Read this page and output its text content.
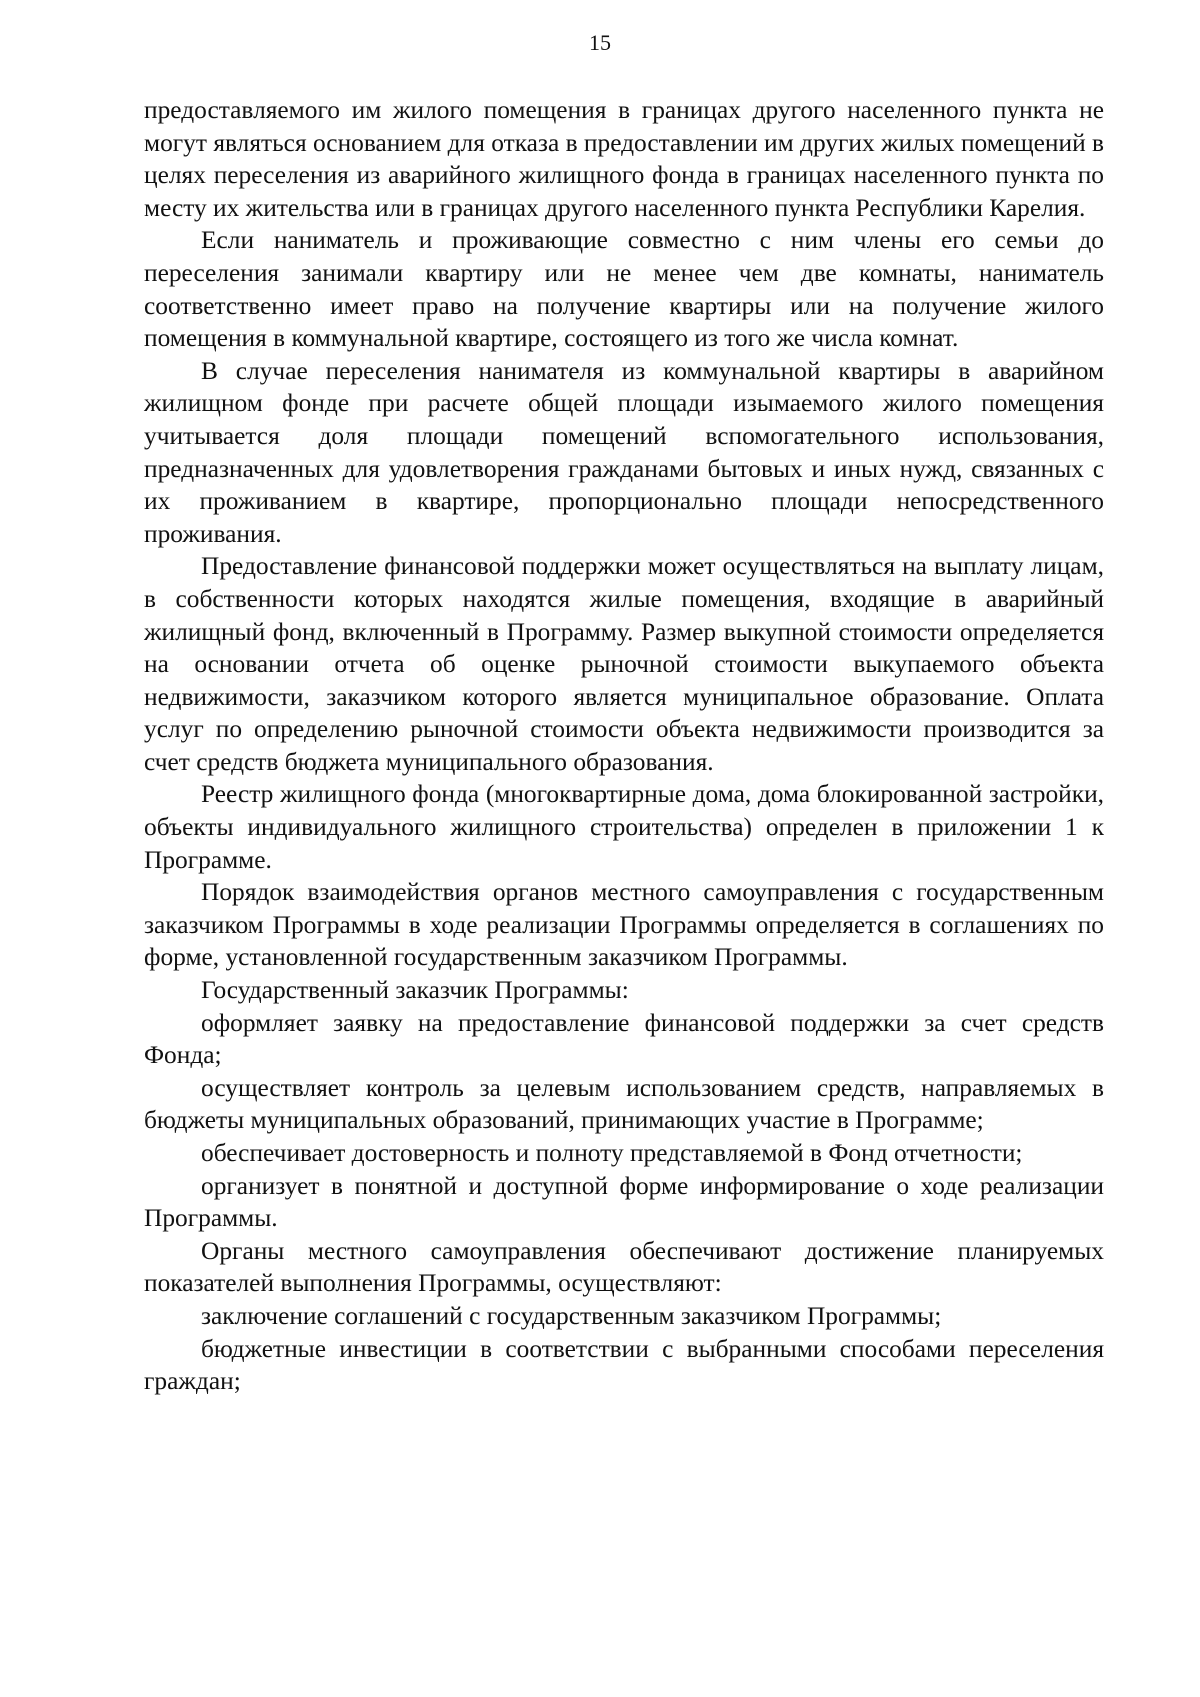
15

предоставляемого им жилого помещения в границах другого населенного пункта не могут являться основанием для отказа в предоставлении им других жилых помещений в целях переселения из аварийного жилищного фонда в границах населенного пункта по месту их жительства или в границах другого населенного пункта Республики Карелия.

Если наниматель и проживающие совместно с ним члены его семьи до переселения занимали квартиру или не менее чем две комнаты, наниматель соответственно имеет право на получение квартиры или на получение жилого помещения в коммунальной квартире, состоящего из того же числа комнат.

В случае переселения нанимателя из коммунальной квартиры в аварийном жилищном фонде при расчете общей площади изымаемого жилого помещения учитывается доля площади помещений вспомогательного использования, предназначенных для удовлетворения гражданами бытовых и иных нужд, связанных с их проживанием в квартире, пропорционально площади непосредственного проживания.

Предоставление финансовой поддержки может осуществляться на выплату лицам, в собственности которых находятся жилые помещения, входящие в аварийный жилищный фонд, включенный в Программу. Размер выкупной стоимости определяется на основании отчета об оценке рыночной стоимости выкупаемого объекта недвижимости, заказчиком которого является муниципальное образование. Оплата услуг по определению рыночной стоимости объекта недвижимости производится за счет средств бюджета муниципального образования.

Реестр жилищного фонда (многоквартирные дома, дома блокированной застройки, объекты индивидуального жилищного строительства) определен в приложении 1 к Программе.

Порядок взаимодействия органов местного самоуправления с государственным заказчиком Программы в ходе реализации Программы определяется в соглашениях по форме, установленной государственным заказчиком Программы.

Государственный заказчик Программы:

оформляет заявку на предоставление финансовой поддержки за счет средств Фонда;

осуществляет контроль за целевым использованием средств, направляемых в бюджеты муниципальных образований, принимающих участие в Программе;

обеспечивает достоверность и полноту представляемой в Фонд отчетности;

организует в понятной и доступной форме информирование о ходе реализации Программы.

Органы местного самоуправления обеспечивают достижение планируемых показателей выполнения Программы, осуществляют:

заключение соглашений с государственным заказчиком Программы;

бюджетные инвестиции в соответствии с выбранными способами переселения граждан;
